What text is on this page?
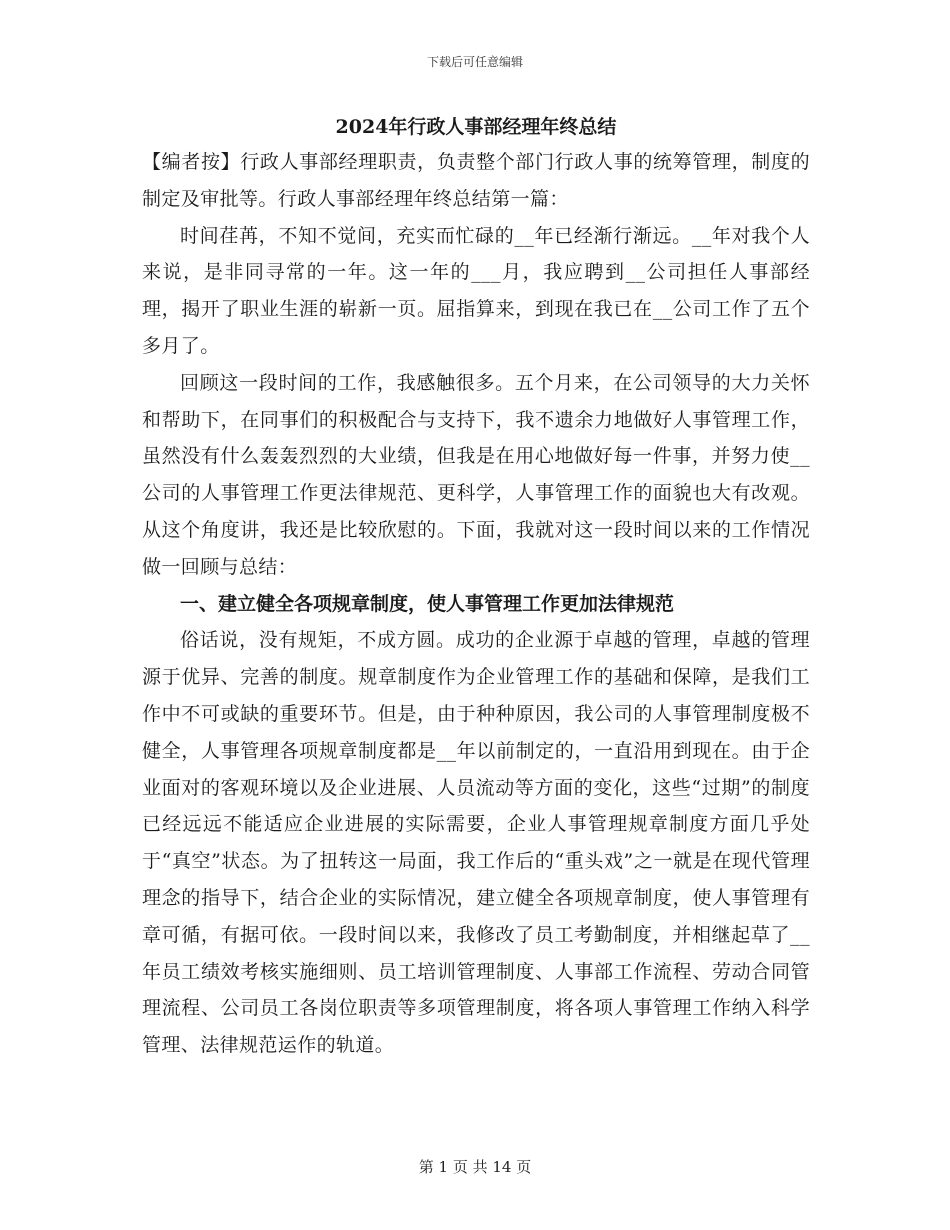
下载后可任意编辑
2024年行政人事部经理年终总结

【编者按】行政人事部经理职责，负责整个部门行政人事的统筹管理，制度的制定及审批等。行政人事部经理年终总结第一篇：

时间荏苒，不知不觉间，充实而忙碌的__年已经渐行渐远。__年对我个人来说，是非同寻常的一年。这一年的___月，我应聘到__公司担任人事部经理，揭开了职业生涯的崭新一页。屈指算来，到现在我已在__公司工作了五个多月了。

回顾这一段时间的工作，我感触很多。五个月来，在公司领导的大力关怀和帮助下，在同事们的积极配合与支持下，我不遗余力地做好人事管理工作，虽然没有什么轰轰烈烈的大业绩，但我是在用心地做好每一件事，并努力使__公司的人事管理工作更法律规范、更科学，人事管理工作的面貌也大有改观。从这个角度讲，我还是比较欣慰的。下面，我就对这一段时间以来的工作情况做一回顾与总结：

一、建立健全各项规章制度，使人事管理工作更加法律规范

俗话说，没有规矩，不成方圆。成功的企业源于卓越的管理，卓越的管理源于优异、完善的制度。规章制度作为企业管理工作的基础和保障，是我们工作中不可或缺的重要环节。但是，由于种种原因，我公司的人事管理制度极不健全，人事管理各项规章制度都是__年以前制定的，一直沿用到现在。由于企业面对的客观环境以及企业进展、人员流动等方面的变化，这些“过期”的制度已经远远不能适应企业进展的实际需要，企业人事管理规章制度方面几乎处于“真空”状态。为了扭转这一局面，我工作后的“重头戏”之一就是在现代管理理念的指导下，结合企业的实际情况，建立健全各项规章制度，使人事管理有章可循，有据可依。一段时间以来，我修改了员工考勤制度，并相继起草了__年员工绩效考核实施细则、员工培训管理制度、人事部工作流程、劳动合同管理流程、公司员工各岗位职责等多项管理制度，将各项人事管理工作纳入科学管理、法律规范运作的轨道。

第 1 页 共 14 页
